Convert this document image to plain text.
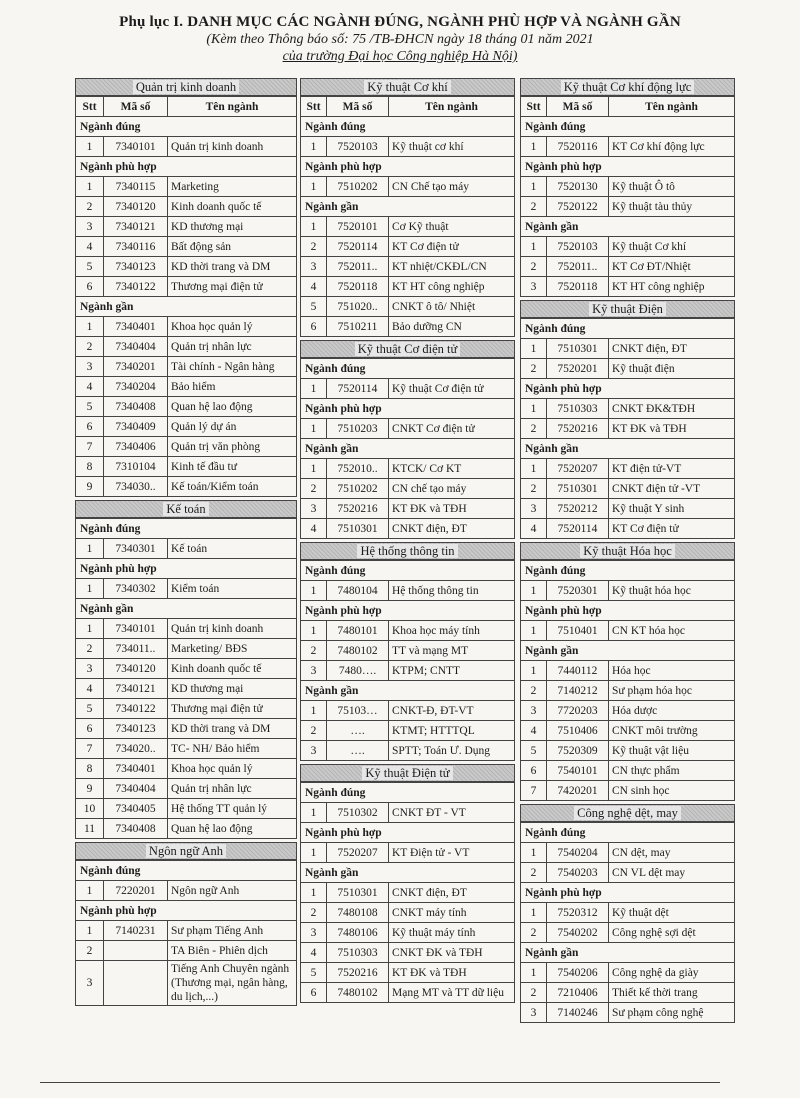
Phụ lục I. DANH MỤC CÁC NGÀNH ĐÚNG, NGÀNH PHÙ HỢP VÀ NGÀNH GẦN
(Kèm theo Thông báo số: 75 /TB-ĐHCN ngày 18 tháng 01 năm 2021
của trường Đại học Công nghiệp Hà Nội)
Quản trị kinh doanh
Stt	Mã số	Tên ngành
Ngành đúng		
1	7340101	Quản trị kinh doanh
Ngành phù hợp		
1	7340115	Marketing
2	7340120	Kinh doanh quốc tế
3	7340121	KD thương mại
4	7340116	Bất động sản
5	7340123	KD thời trang và DM
6	7340122	Thương mại điện tử
Ngành gần		
1	7340401	Khoa học quản lý
2	7340404	Quản trị nhân lực
3	7340201	Tài chính - Ngân hàng
4	7340204	Bảo hiểm
5	7340408	Quan hệ lao động
6	7340409	Quản lý dự án
7	7340406	Quản trị văn phòng
8	7310104	Kinh tế đầu tư
9	734030..	Kế toán/Kiểm toán
Kế toán
Ngành đúng		
1	7340301	Kế toán
Ngành phù hợp		
1	7340302	Kiểm toán
Ngành gần		
1	7340101	Quản trị kinh doanh
2	734011..	Marketing/ BĐS
3	7340120	Kinh doanh quốc tế
4	7340121	KD thương mại
5	7340122	Thương mại điện tử
6	7340123	KD thời trang và DM
7	734020..	TC- NH/ Bảo hiểm
8	7340401	Khoa học quản lý
9	7340404	Quản trị nhân lực
10	7340405	Hệ thống TT quản lý
11	7340408	Quan hệ lao động
Ngôn ngữ Anh
Ngành đúng		
1	7220201	Ngôn ngữ Anh
Ngành phù hợp		
1	7140231	Sư phạm Tiếng Anh
2		TA Biên - Phiên dịch
3		Tiếng Anh Chuyên ngành (Thương mại, ngân hàng, du lịch,...)
Kỹ thuật Cơ khí
Stt	Mã số	Tên ngành
Ngành đúng		
1	7520103	Kỹ thuật cơ khí
Ngành phù hợp		
1	7510202	CN Chế tạo máy
Ngành gần		
1	7520101	Cơ Kỹ thuật
2	7520114	KT Cơ điện tử
3	752011..	KT nhiệt/CKĐL/CN
4	7520118	KT HT công nghiệp
5	751020..	CNKT ô tô/ Nhiệt
6	7510211	Bảo dưỡng CN
Kỹ thuật Cơ điện tử
Ngành đúng		
1	7520114	Kỹ thuật Cơ điện tử
Ngành phù hợp		
1	7510203	CNKT Cơ điện tử
Ngành gần		
1	752010..	KTCK/ Cơ KT
2	7510202	CN chế tạo máy
3	7520216	KT ĐK và TĐH
4	7510301	CNKT điện, ĐT
Hệ thống thông tin
Ngành đúng		
1	7480104	Hệ thống thông tin
Ngành phù hợp		
1	7480101	Khoa học máy tính
2	7480102	TT và mạng MT
3	7480….	KTPM; CNTT
Ngành gần		
1	75103…	CNKT-Đ, ĐT-VT
2	….	KTMT; HTTTQL
3	….	SPTT; Toán Ư. Dụng
Kỹ thuật Điện tử
Ngành đúng		
1	7510302	CNKT ĐT - VT
Ngành phù hợp		
1	7520207	KT Điện tử - VT
Ngành gần		
1	7510301	CNKT điện, ĐT
2	7480108	CNKT máy tính
3	7480106	Kỹ thuật máy tính
4	7510303	CNKT ĐK và TĐH
5	7520216	KT ĐK và TĐH
6	7480102	Mạng MT và TT dữ liệu
Kỹ thuật Cơ khí động lực
Stt	Mã số	Tên ngành
Ngành đúng		
1	7520116	KT Cơ khí động lực
Ngành phù hợp		
1	7520130	Kỹ thuật Ô tô
2	7520122	Kỹ thuật tàu thủy
Ngành gần		
1	7520103	Kỹ thuật Cơ khí
2	752011..	KT Cơ ĐT/Nhiệt
3	7520118	KT HT công nghiệp
Kỹ thuật Điện
Ngành đúng		
1	7510301	CNKT điện, ĐT
2	7520201	Kỹ thuật điện
Ngành phù hợp		
1	7510303	CNKT ĐK&TĐH
2	7520216	KT ĐK và TĐH
Ngành gần		
1	7520207	KT điện tử-VT
2	7510301	CNKT điện tử -VT
3	7520212	Kỹ thuật Y sinh
4	7520114	KT Cơ điện tử
Kỹ thuật Hóa học
Ngành đúng		
1	7520301	Kỹ thuật hóa học
Ngành phù hợp		
1	7510401	CN KT hóa học
Ngành gần		
1	7440112	Hóa học
2	7140212	Sư phạm hóa học
3	7720203	Hóa dược
4	7510406	CNKT môi trường
5	7520309	Kỹ thuật vật liệu
6	7540101	CN thực phẩm
7	7420201	CN sinh học
Công nghệ dệt, may
Ngành đúng		
1	7540204	CN dệt, may
2	7540203	CN VL dệt may
Ngành phù hợp		
1	7520312	Kỹ thuật dệt
2	7540202	Công nghệ sợi dệt
Ngành gần		
1	7540206	Công nghệ da giày
2	7210406	Thiết kế thời trang
3	7140246	Sư phạm công nghệ
